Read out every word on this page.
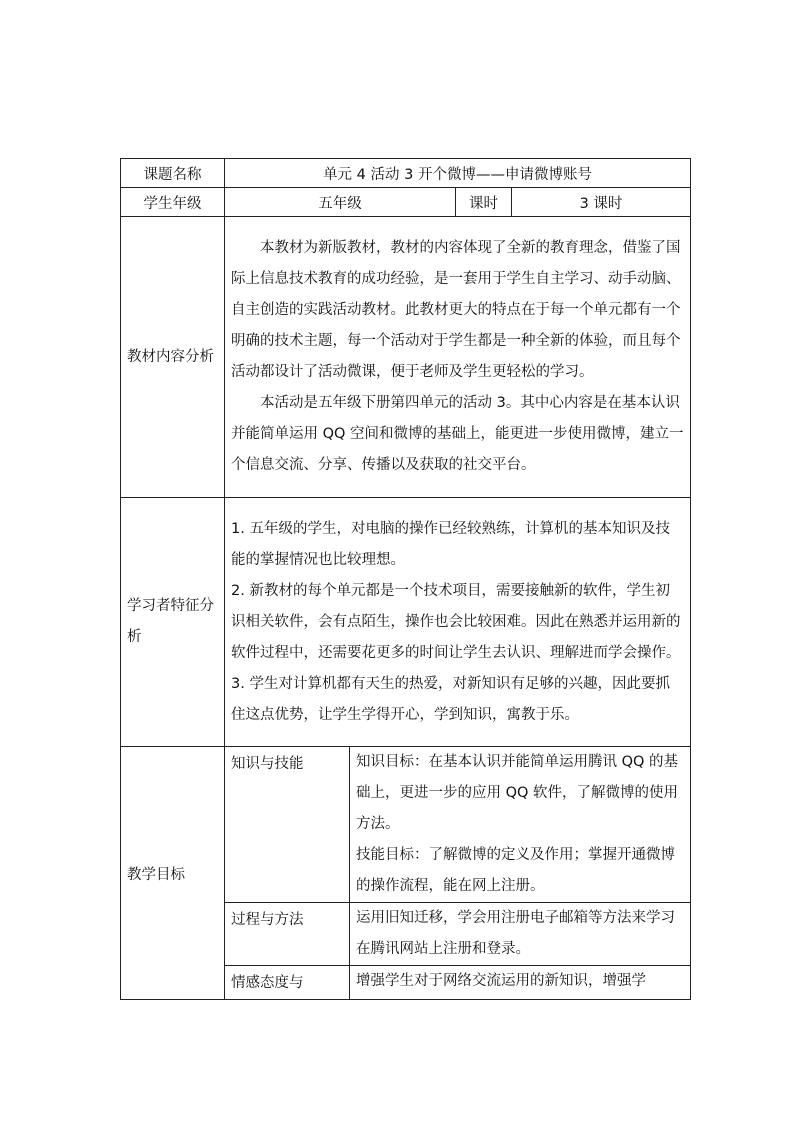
课题名称	单元 4 活动 3 开个微博——申请微博账号			
学生年级	五年级		课时	3 课时
教材内容分析	本教材为新版教材，教材的内容体现了全新的教育理念，借鉴了国际上信息技术教育的成功经验，是一套用于学生自主学习、动手动脑、自主创造的实践活动教材。此教材更大的特点在于每一个单元都有一个明确的技术主题，每一个活动对于学生都是一种全新的体验，而且每个活动都设计了活动微课，便于老师及学生更轻松的学习。

本活动是五年级下册第四单元的活动 3。其中心内容是在基本认识并能简单运用 QQ 空间和微博的基础上，能更进一步使用微博，建立一个信息交流、分享、传播以及获取的社交平台。			

学习者特征分析	1. 五年级的学生，对电脑的操作已经较熟练，计算机的基本知识及技能的掌握情况也比较理想。

2. 新教材的每个单元都是一个技术项目，需要接触新的软件，学生初识相关软件，会有点陌生，操作也会比较困难。因此在熟悉并运用新的软件过程中，还需要花更多的时间让学生去认识、理解进而学会操作。

3. 学生对计算机都有天生的热爱，对新知识有足够的兴趣，因此要抓住这点优势，让学生学得开心，学到知识，寓教于乐。			

教学目标	知识与技能	知识目标：在基本认识并能简单运用腾讯 QQ 的基础上，更进一步的应用 QQ 软件，了解微博的使用方法。

技能目标：了解微博的定义及作用；掌握开通微博的操作流程，能在网上注册。		

	过程与方法	运用旧知迁移，学会用注册电子邮箱等方法来学习在腾讯网站上注册和登录。		

	情感态度与	增强学生对于网络交流运用的新知识，增强学		
